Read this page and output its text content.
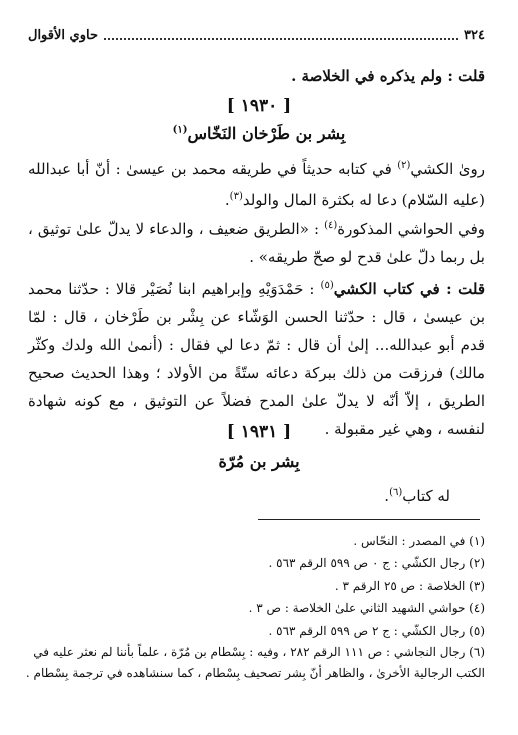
٣٢٤
حاوي الأقوال
قلت : ولم يذكره في الخلاصة .
[ ١٩٣٠ ]
بِشر بن طَرْخان النَخّاس$^{(١)}$
روىٰ الكشي$^{(٢)}$ في كتابه حديثاً في طريقه محمد بن عيسىٰ : أنّ أبا عبدالله (عليه السّلام) دعا له بكثرة المال والولد$^{(٣)}$.
وفي الحواشي المذكورة$^{(٤)}$ : «الطريق ضعيف ، والدعاء لا يدلّ علىٰ توثيق ، بل ربما دلّ علىٰ قدح لو صحّ طريقه» .
قلت : في كتاب الكشي$^{(٥)}$ : حَمْدَوَيْهِ وإبراهيم ابنا نُصَيْر قالا : حدّثنا محمد بن عيسىٰ ، قال : حدّثنا الحسن الوَشّاء عن بِشْر بن طَرْخان ، قال : لمّا قدم أبو عبدالله... إلىٰ أن قال : ثمّ دعا لي فقال : (أنمىٰ الله ولدك وكثّر مالك) فرزقت من ذلك ببركة دعائه ستّةً من الأولاد ؛ وهذا الحديث صحيح الطريق ، إلاّ أنّه لا يدلّ علىٰ المدح فضلاً عن التوثيق ، مع كونه شهادة لنفسه ، وهي غير مقبولة .
[ ١٩٣١ ]
بِشر بن مُرّة
له كتاب$^{(٦)}$.
(١) في المصدر : النحّاس .
(٢) رجال الكشّي : ج ٠ ص ٥٩٩ الرقم ٥٦٣ .
(٣) الخلاصة : ص ٢٥ الرقم ٣ .
(٤) حواشي الشهيد الثاني علىٰ الخلاصة : ص ٣ .
(٥) رجال الكشّي : ج ٢ ص ٥٩٩ الرقم ٥٦٣ .
(٦) رجال النجاشي : ص ١١١ الرقم ٢٨٢ ، وفيه : بِسْطام بن مُرّة ، علماً بأننا لم نعثر عليه في الكتب الرجالية الأخرىٰ ، والظاهر أنّ بِشر تصحيف بِسْطام ، كما سنشاهده في ترجمة بِسْطام .
